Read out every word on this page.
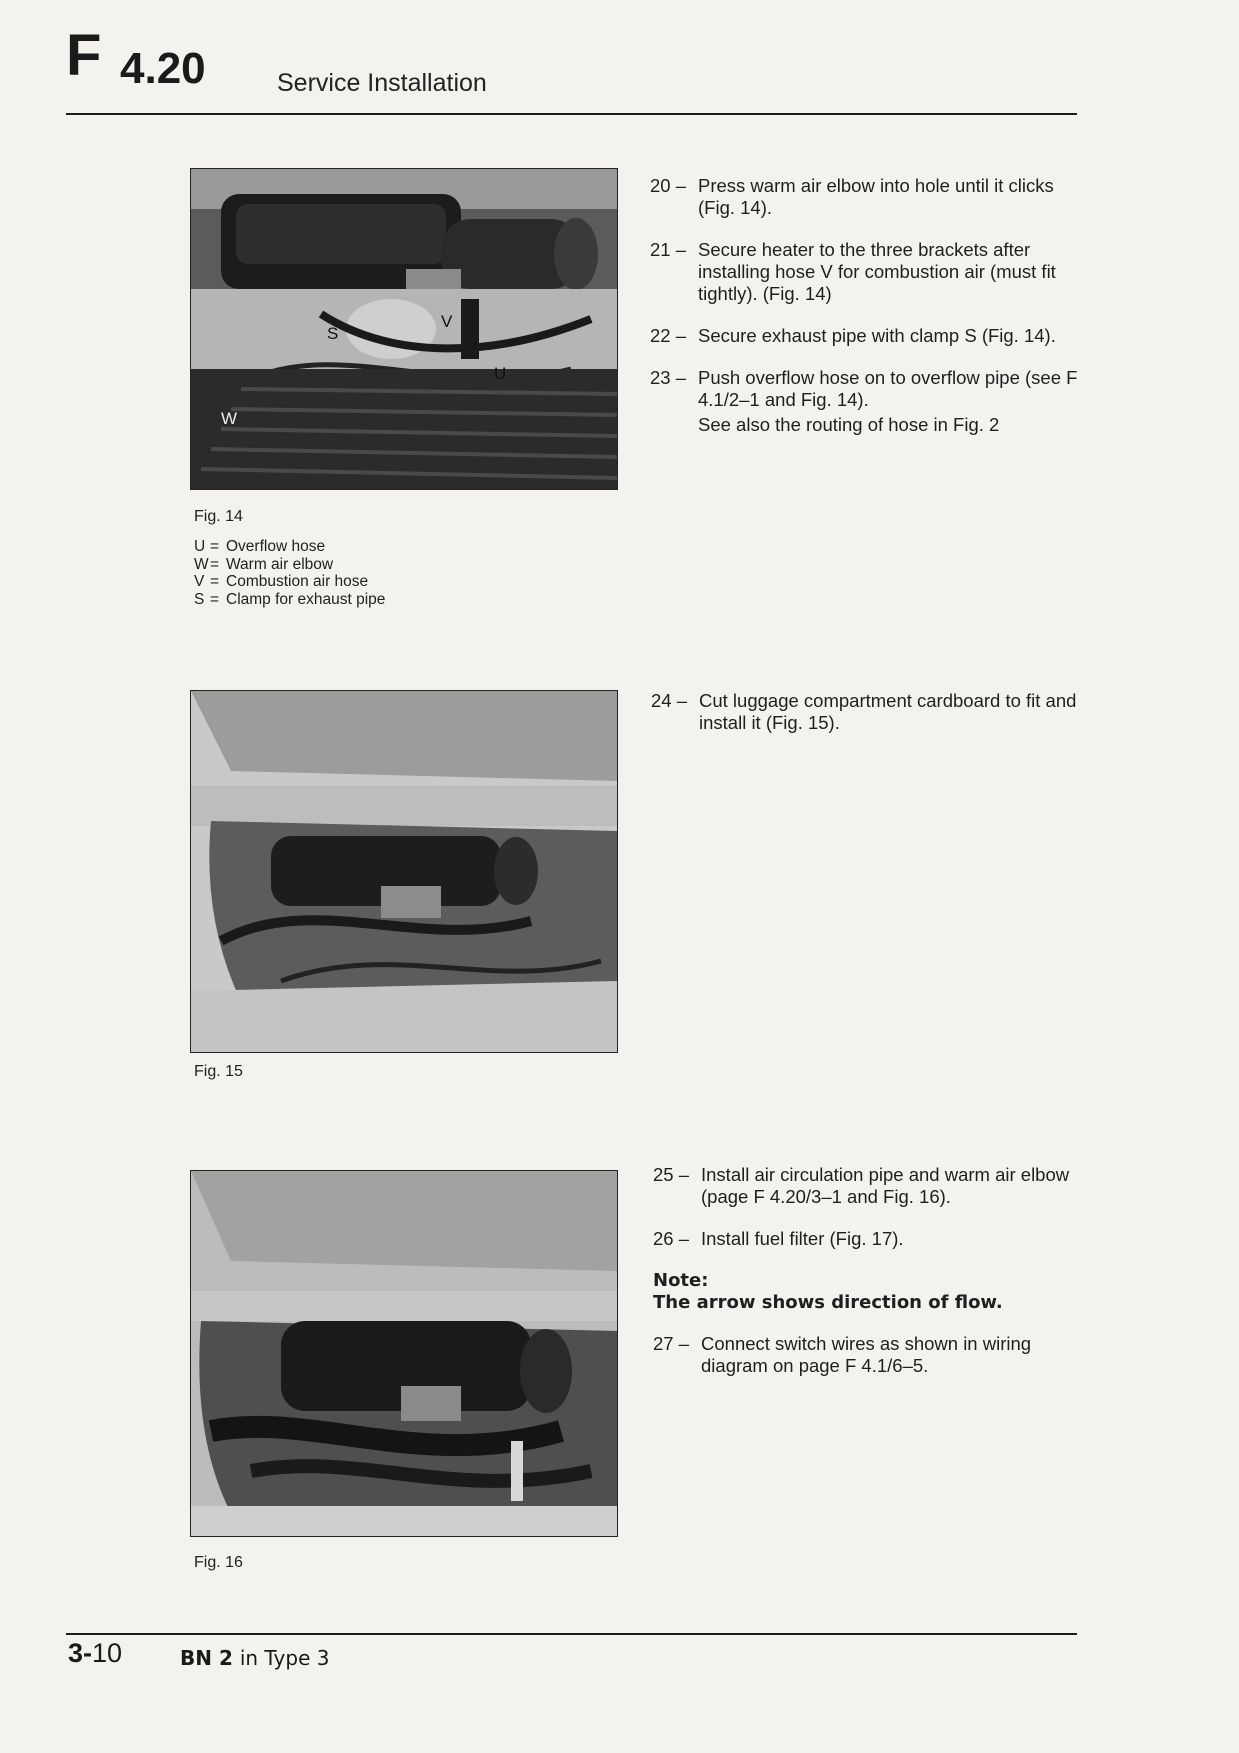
F 4.20	Service Installation
S
V
U
W
Fig. 14
U = Overflow hose
W= Warm air elbow
V = Combustion air hose
S = Clamp for exhaust pipe
20 – Press warm air elbow into hole until it clicks (Fig. 14).
21 – Secure heater to the three brackets after installing hose V for combustion air (must fit tightly). (Fig. 14)
22 – Secure exhaust pipe with clamp S (Fig. 14).
23 – Push overflow hose on to overflow pipe (see F 4.1/2–1 and Fig. 14).
See also the routing of hose in Fig. 2
Fig. 15
24 – Cut luggage compartment cardboard to fit and install it (Fig. 15).
Fig. 16
25 – Install air circulation pipe and warm air elbow (page F 4.20/3–1 and Fig. 16).
26 – Install fuel filter (Fig. 17).
Note:
The arrow shows direction of flow.
27 – Connect switch wires as shown in wiring diagram on page F 4.1/6–5.
3-10	BN 2 in Type 3
